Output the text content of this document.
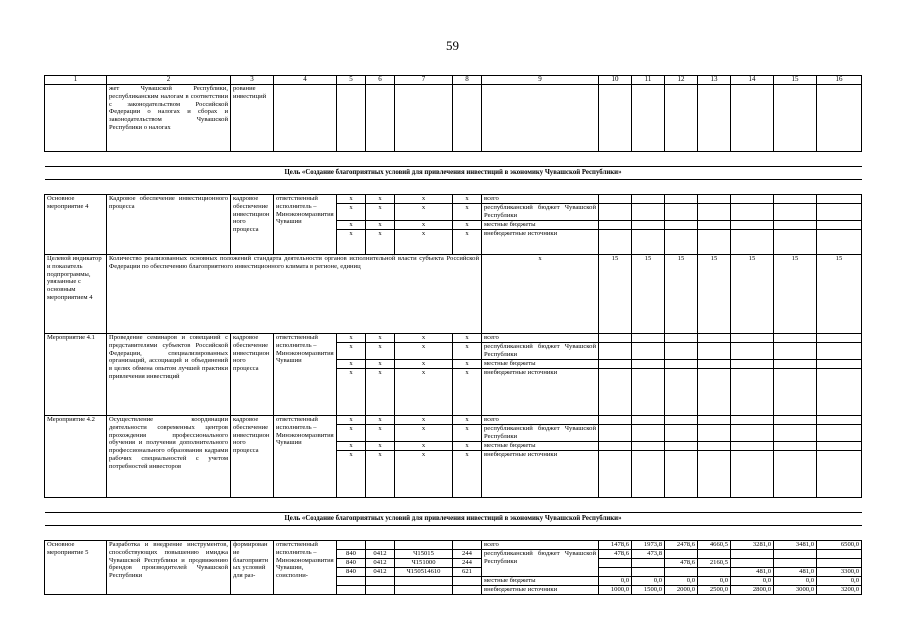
59
1	2	3	4	5	6	7	8	9	10	11	12	13	14	15	16
	жет Чувашской Республики, республиканским налогам в соответствии с законодательством Российской Федерации о налогах и сборах и законодательством Чувашской Республики о налогах	рование инвестиций													

Цель «Создание благоприятных условий для привлечения инвестиций в экономику Чувашской Республики»															

Основное мероприятие 4	Кадровое обеспечение инвестиционного процесса	кадровое обеспечение инвестиционного процесса	ответственный исполнитель – Минэкономразвития Чувашии	x	x	x	x	всего							
				x	x	x	x	республиканский бюджет Чувашской Республики							
				x	x	x	x	местные бюджеты							
				x	x	x	x	внебюджетные источники							
Целевой индикатор и показатель подпрограммы, увязанные с основным мероприятием 4	Количество реализованных основных положений стандарта деятельности органов исполнительной власти субъекта Российской Федерации по обеспечению благоприятного инвестиционного климата в регионе, единиц							x	15	15	15	15	15	15	15
Мероприятие 4.1	Проведение семинаров и совещаний с представителями субъектов Российской Федерации, специализированных организаций, ассоциаций и объединений в целях обмена опытом лучшей практики привлечения инвестиций	кадровое обеспечение инвестиционного процесса	ответственный исполнитель – Минэкономразвития Чувашии	x	x	x	x	всего							
				x	x	x	x	республиканский бюджет Чувашской Республики							
				x	x	x	x	местные бюджеты							
				x	x	x	x	внебюджетные источники							
Мероприятие 4.2	Осуществление координации деятельности современных центров прохождения профессионального обучения и получения дополнительного профессионального образования кадрами рабочих специальностей с учетом потребностей инвесторов	кадровое обеспечение инвестиционного процесса	ответственный исполнитель – Минэкономразвития Чувашии	x	x	x	x	всего							
				x	x	x	x	республиканский бюджет Чувашской Республики							
				x	x	x	x	местные бюджеты							
				x	x	x	x	внебюджетные источники							

Цель «Создание благоприятных условий для привлечения инвестиций в экономику Чувашской Республики»															

Основное мероприятие 5	Разработка и внедрение инструментов, способствующих повышению имиджа Чувашской Республики и продвижению брендов производителей Чувашской Республики	формирование благоприятных условий для раз-	ответственный исполнитель – Минэкономразвития Чувашии, соисполни-					всего	1478,6	1973,8	2478,6	4660,5	3281,0	3481,0	6500,0
				840	0412	Ч15015	244	республиканский бюджет Чувашской Республики	478,6	473,8					
				840	0412	Ч151000	244				478,6	2160,5			
				840	0412	Ч150514610	621						481,0	481,0	3300,0
								местные бюджеты	0,0	0,0	0,0	0,0	0,0	0,0	0,0
								внебюджетные источники	1000,0	1500,0	2000,0	2500,0	2800,0	3000,0	3200,0
